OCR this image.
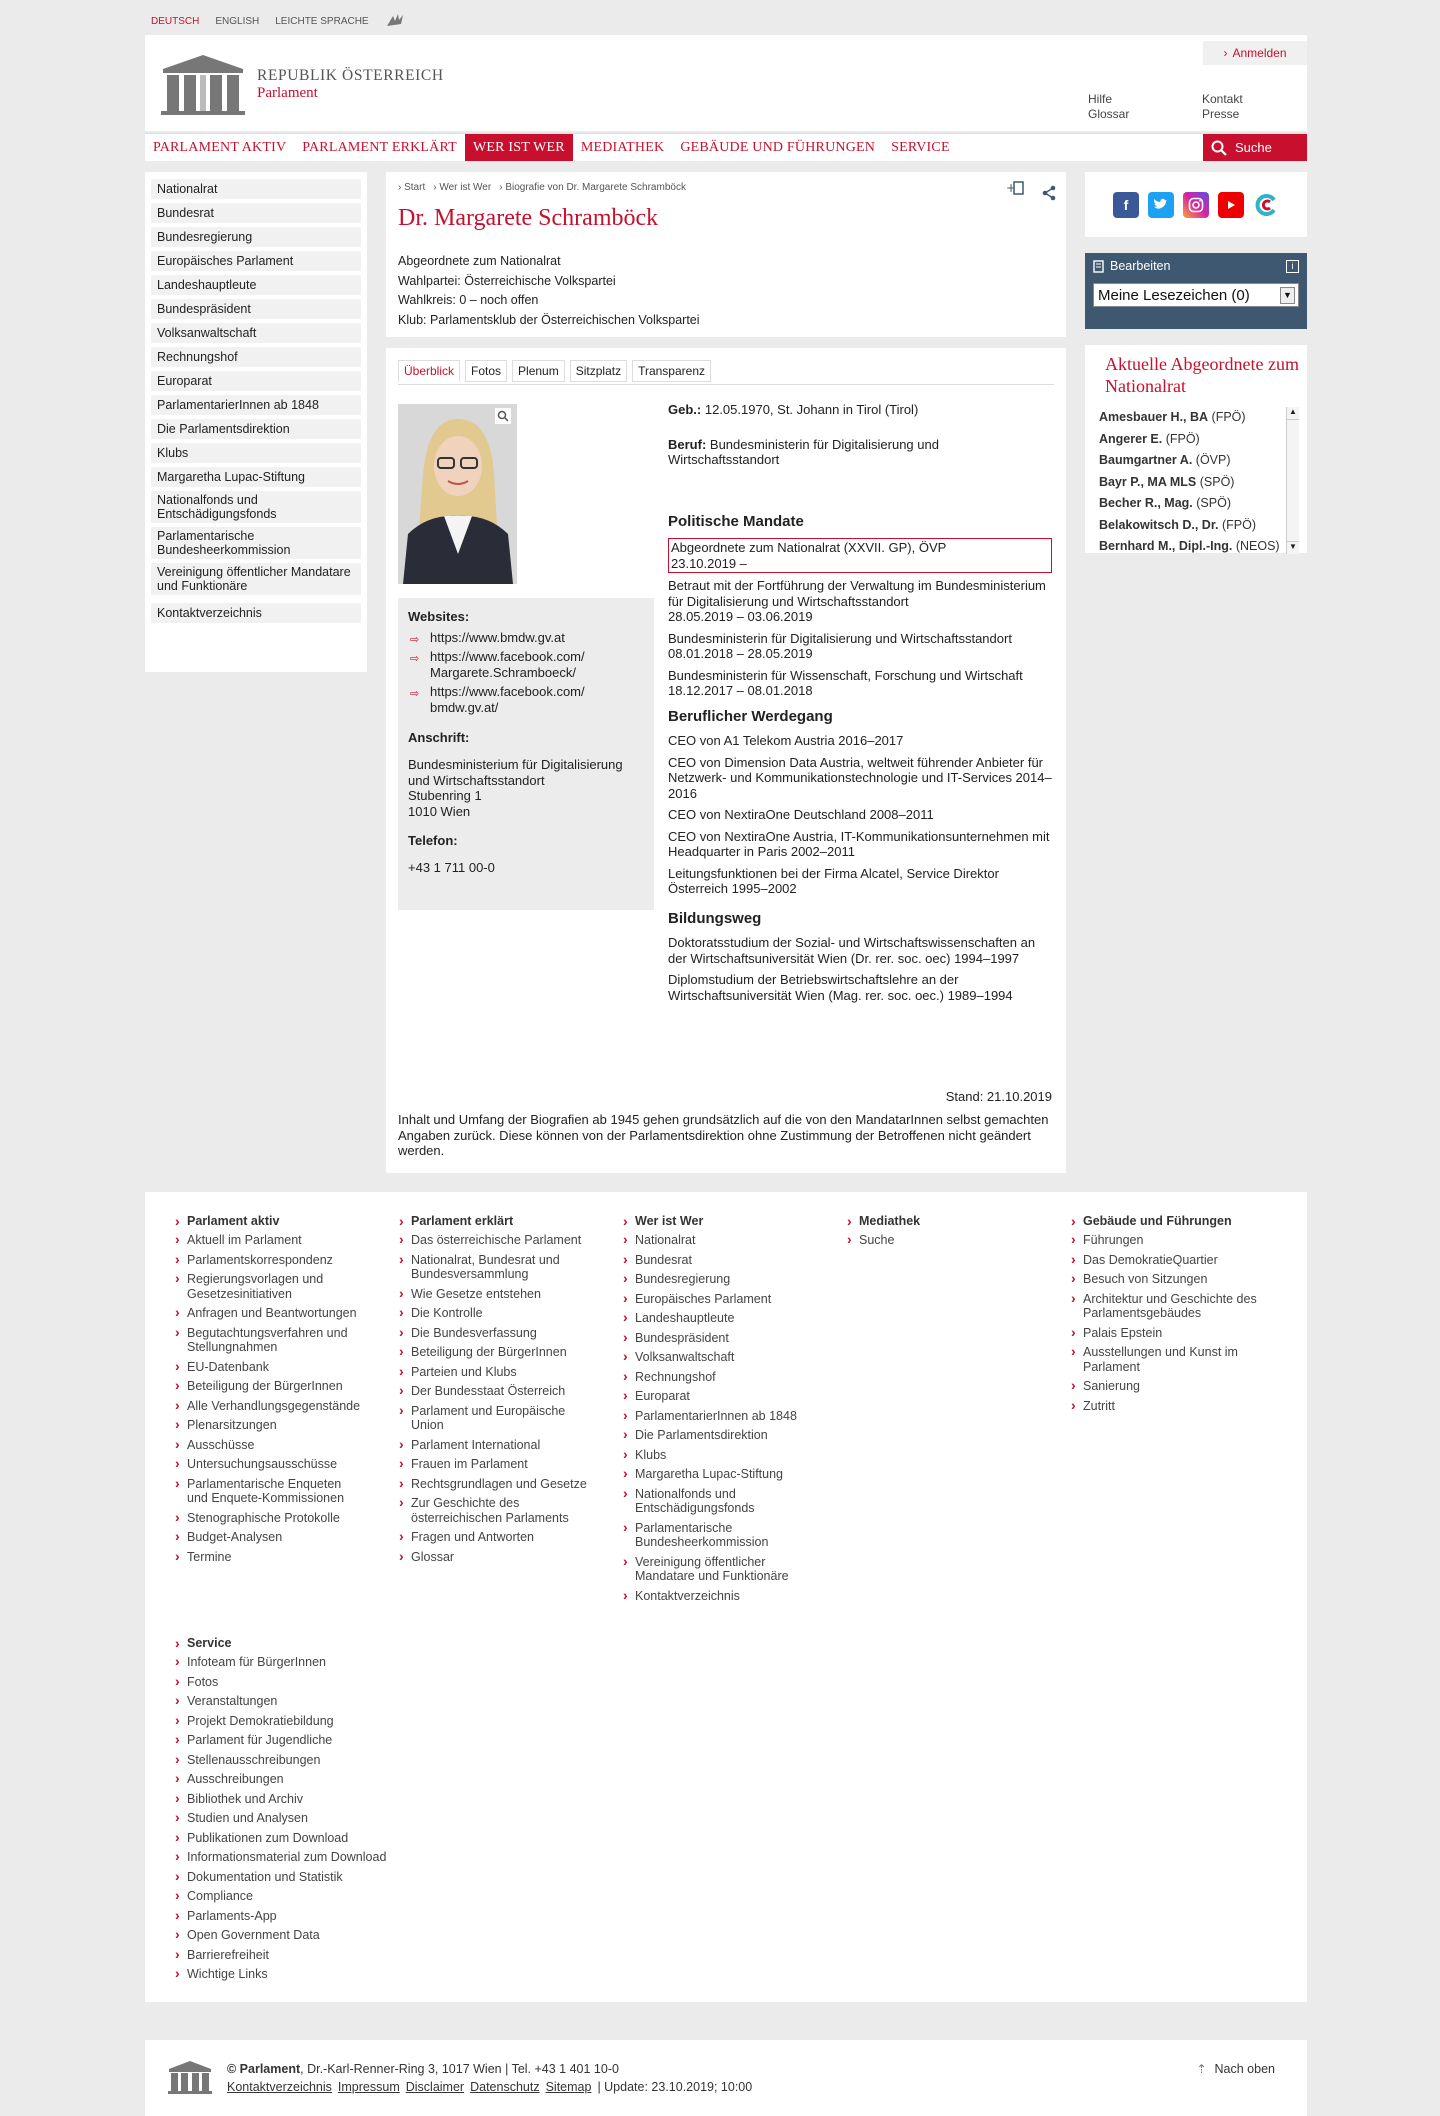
DEUTSCH ENGLISH LEICHTE SPRACHE
REPUBLIK ÖSTERREICH
Parlament
› Anmelden
Hilfe
Glossar
Kontakt
Presse
PARLAMENT AKTIV	PARLAMENT ERKLÄRT	WER IST WER	MEDIATHEK	GEBÄUDE UND FÜHRUNGEN	SERVICE	Suche
Nationalrat
Bundesrat
Bundesregierung
Europäisches Parlament
Landeshauptleute
Bundespräsident
Volksanwaltschaft
Rechnungshof
Europarat
ParlamentarierInnen ab 1848
Die Parlamentsdirektion
Klubs
Margaretha Lupac-Stiftung
Nationalfonds und Entschädigungsfonds
Parlamentarische Bundesheerkommission
Vereinigung öffentlicher Mandatare und Funktionäre
Kontaktverzeichnis
› Start › Wer ist Wer › Biografie von Dr. Margarete Schramböck	+
Dr. Margarete Schramböck
Abgeordnete zum Nationalrat
Wahlpartei: Österreichische Volkspartei
Wahlkreis: 0 – noch offen
Klub: Parlamentsklub der Österreichischen Volkspartei
Überblick	Fotos	Plenum	Sitzplatz	Transparenz
Websites:
⇨ https://www.bmdw.gv.at
⇨ https://www.facebook.com/ Margarete.Schramboeck/
⇨ https://www.facebook.com/ bmdw.gv.at/
Anschrift:
Bundesministerium für Digitalisierung und Wirtschaftsstandort
Stubenring 1
1010 Wien
Telefon:
+43 1 711 00-0
Geb.: 12.05.1970, St. Johann in Tirol (Tirol)
Beruf: Bundesministerin für Digitalisierung und Wirtschaftsstandort
Politische Mandate
Abgeordnete zum Nationalrat (XXVII. GP), ÖVP
23.10.2019 –
Betraut mit der Fortführung der Verwaltung im Bundesministerium für Digitalisierung und Wirtschaftsstandort
28.05.2019 – 03.06.2019
Bundesministerin für Digitalisierung und Wirtschaftsstandort
08.01.2018 – 28.05.2019
Bundesministerin für Wissenschaft, Forschung und Wirtschaft
18.12.2017 – 08.01.2018
Beruflicher Werdegang
CEO von A1 Telekom Austria 2016–2017
CEO von Dimension Data Austria, weltweit führender Anbieter für Netzwerk- und Kommunikationstechnologie und IT-Services 2014–2016
CEO von NextiraOne Deutschland 2008–2011
CEO von NextiraOne Austria, IT-Kommunikationsunternehmen mit Headquarter in Paris 2002–2011
Leitungsfunktionen bei der Firma Alcatel, Service Direktor Österreich 1995–2002
Bildungsweg
Doktoratsstudium der Sozial- und Wirtschaftswissenschaften an der Wirtschaftsuniversität Wien (Dr. rer. soc. oec) 1994–1997
Diplomstudium der Betriebswirtschaftslehre an der Wirtschaftsuniversität Wien (Mag. rer. soc. oec.) 1989–1994
Stand: 21.10.2019
Inhalt und Umfang der Biografien ab 1945 gehen grundsätzlich auf die von den MandatarInnen selbst gemachten Angaben zurück. Diese können von der Parlamentsdirektion ohne Zustimmung der Betroffenen nicht geändert werden.
f
Bearbeiten	i
Meine Lesezeichen (0)	▼
Aktuelle Abgeordnete zum Nationalrat
Amesbauer H., BA (FPÖ)
Angerer E. (FPÖ)
Baumgartner A. (ÖVP)
Bayr P., MA MLS (SPÖ)
Becher R., Mag. (SPÖ)
Belakowitsch D., Dr. (FPÖ)
Bernhard M., Dipl.-Ing. (NEOS)
▲
▼
› Parlament aktiv
› Aktuell im Parlament
› Parlamentskorrespondenz
› Regierungsvorlagen und Gesetzesinitiativen
› Anfragen und Beantwortungen
› Begutachtungsverfahren und Stellungnahmen
› EU-Datenbank
› Beteiligung der BürgerInnen
› Alle Verhandlungsgegenstände
› Plenarsitzungen
› Ausschüsse
› Untersuchungsausschüsse
› Parlamentarische Enqueten und Enquete-Kommissionen
› Stenographische Protokolle
› Budget-Analysen
› Termine
› Parlament erklärt
› Das österreichische Parlament
› Nationalrat, Bundesrat und Bundesversammlung
› Wie Gesetze entstehen
› Die Kontrolle
› Die Bundesverfassung
› Beteiligung der BürgerInnen
› Parteien und Klubs
› Der Bundesstaat Österreich
› Parlament und Europäische Union
› Parlament International
› Frauen im Parlament
› Rechtsgrundlagen und Gesetze
› Zur Geschichte des österreichischen Parlaments
› Fragen und Antworten
› Glossar
› Wer ist Wer
› Nationalrat
› Bundesrat
› Bundesregierung
› Europäisches Parlament
› Landeshauptleute
› Bundespräsident
› Volksanwaltschaft
› Rechnungshof
› Europarat
› ParlamentarierInnen ab 1848
› Die Parlamentsdirektion
› Klubs
› Margaretha Lupac-Stiftung
› Nationalfonds und Entschädigungsfonds
› Parlamentarische Bundesheerkommission
› Vereinigung öffentlicher Mandatare und Funktionäre
› Kontaktverzeichnis
› Mediathek
› Suche
› Gebäude und Führungen
› Führungen
› Das DemokratieQuartier
› Besuch von Sitzungen
› Architektur und Geschichte des Parlamentsgebäudes
› Palais Epstein
› Ausstellungen und Kunst im Parlament
› Sanierung
› Zutritt
› Service
› Infoteam für BürgerInnen
› Fotos
› Veranstaltungen
› Projekt Demokratiebildung
› Parlament für Jugendliche
› Stellenausschreibungen
› Ausschreibungen
› Bibliothek und Archiv
› Studien und Analysen
› Publikationen zum Download
› Informationsmaterial zum Download
› Dokumentation und Statistik
› Compliance
› Parlaments-App
› Open Government Data
› Barrierefreiheit
› Wichtige Links
© Parlament, Dr.-Karl-Renner-Ring 3, 1017 Wien | Tel. +43 1 401 10-0
Kontaktverzeichnis Impressum Disclaimer Datenschutz Sitemap | Update: 23.10.2019; 10:00
⇡ Nach oben
